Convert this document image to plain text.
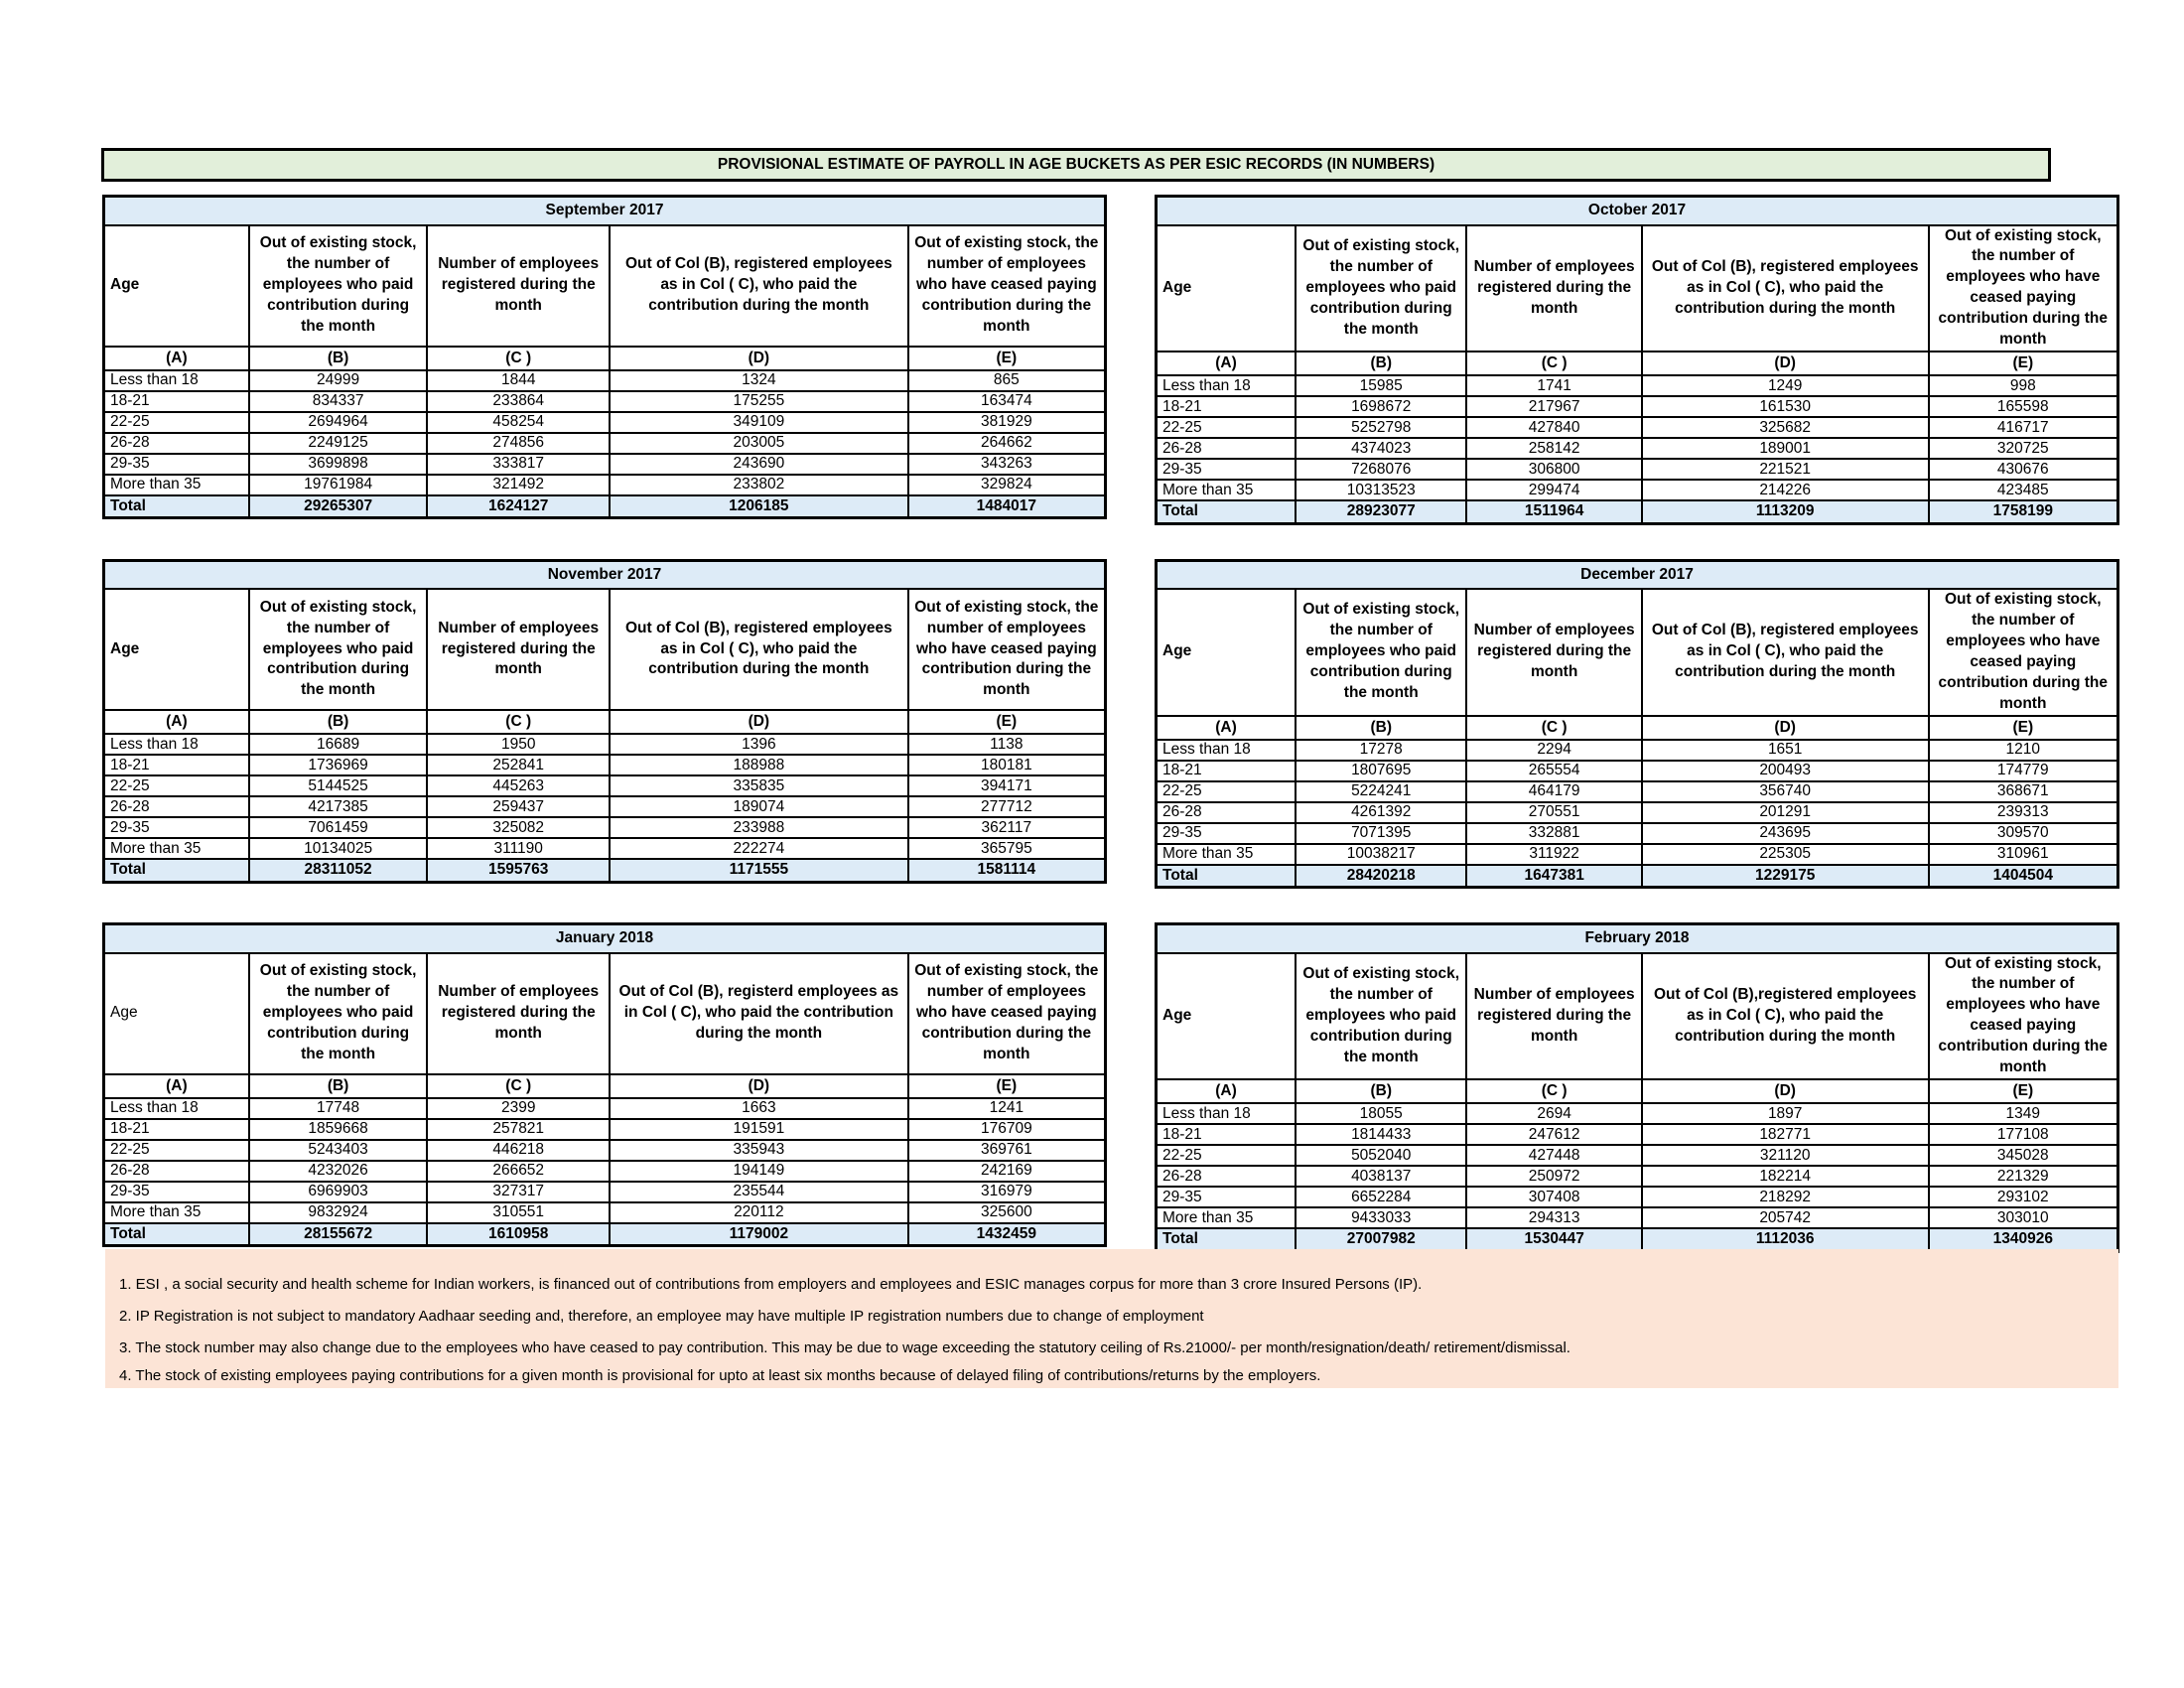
PROVISIONAL ESTIMATE OF PAYROLL IN AGE BUCKETS AS PER ESIC RECORDS (IN NUMBERS)
September 2017				
Age	Out of existing stock, the number of employees who paid contribution during the month	Number of employees registered during the month	Out of Col (B), registered employees as in Col ( C), who paid the contribution during the month	Out of existing stock, the number of employees who have ceased paying contribution during the month
(A)	(B)	(C )	(D)	(E)
Less than 18	24999	1844	1324	865
18-21	834337	233864	175255	163474
22-25	2694964	458254	349109	381929
26-28	2249125	274856	203005	264662
29-35	3699898	333817	243690	343263
More than 35	19761984	321492	233802	329824
Total	29265307	1624127	1206185	1484017
October 2017				
Age	Out of existing stock, the number of employees who paid contribution during the month	Number of employees registered during the month	Out of Col (B), registered employees as in Col ( C), who paid the contribution during the month	Out of existing stock, the number of employees who have ceased paying contribution during the month
(A)	(B)	(C )	(D)	(E)
Less than 18	15985	1741	1249	998
18-21	1698672	217967	161530	165598
22-25	5252798	427840	325682	416717
26-28	4374023	258142	189001	320725
29-35	7268076	306800	221521	430676
More than 35	10313523	299474	214226	423485
Total	28923077	1511964	1113209	1758199
November 2017				
Age	Out of existing stock, the number of employees who paid contribution during the month	Number of employees registered during the month	Out of Col (B), registered employees as in Col ( C), who paid the contribution during the month	Out of existing stock, the number of employees who have ceased paying contribution during the month
(A)	(B)	(C )	(D)	(E)
Less than 18	16689	1950	1396	1138
18-21	1736969	252841	188988	180181
22-25	5144525	445263	335835	394171
26-28	4217385	259437	189074	277712
29-35	7061459	325082	233988	362117
More than 35	10134025	311190	222274	365795
Total	28311052	1595763	1171555	1581114
December 2017				
Age	Out of existing stock, the number of employees who paid contribution during the month	Number of employees registered during the month	Out of Col (B), registered employees as in Col ( C), who paid the contribution during the month	Out of existing stock, the number of employees who have ceased paying contribution during the month
(A)	(B)	(C )	(D)	(E)
Less than 18	17278	2294	1651	1210
18-21	1807695	265554	200493	174779
22-25	5224241	464179	356740	368671
26-28	4261392	270551	201291	239313
29-35	7071395	332881	243695	309570
More than 35	10038217	311922	225305	310961
Total	28420218	1647381	1229175	1404504
January 2018				
Age	Out of existing stock, the number of employees who paid contribution during the month	Number of employees registered during the month	Out of Col (B), registerd employees as in Col ( C), who paid the contribution during the month	Out of existing stock, the number of employees who have ceased paying contribution during the month
(A)	(B)	(C )	(D)	(E)
Less than 18	17748	2399	1663	1241
18-21	1859668	257821	191591	176709
22-25	5243403	446218	335943	369761
26-28	4232026	266652	194149	242169
29-35	6969903	327317	235544	316979
More than 35	9832924	310551	220112	325600
Total	28155672	1610958	1179002	1432459
February 2018				
Age	Out of existing stock, the number of employees who paid contribution during the month	Number of employees registered during the month	Out of Col (B),registered employees as in Col ( C), who paid the contribution during the month	Out of existing stock, the number of employees who have ceased paying contribution during the month
(A)	(B)	(C )	(D)	(E)
Less than 18	18055	2694	1897	1349
18-21	1814433	247612	182771	177108
22-25	5052040	427448	321120	345028
26-28	4038137	250972	182214	221329
29-35	6652284	307408	218292	293102
More than 35	9433033	294313	205742	303010
Total	27007982	1530447	1112036	1340926

1. ESI , a social security and health scheme for Indian workers, is financed out of contributions from employers and employees and ESIC manages corpus for more than 3 crore Insured Persons (IP).

2. IP Registration is not subject to mandatory Aadhaar seeding and, therefore, an employee may have multiple IP registration numbers due to change of employment

3. The stock number may also change due to the employees who have ceased to pay contribution. This may be due to wage exceeding the statutory ceiling of Rs.21000/- per month/resignation/death/ retirement/dismissal.

4. The stock of existing employees paying contributions for a given month is provisional for upto at least six months because of delayed filing of contributions/returns by the employers.
